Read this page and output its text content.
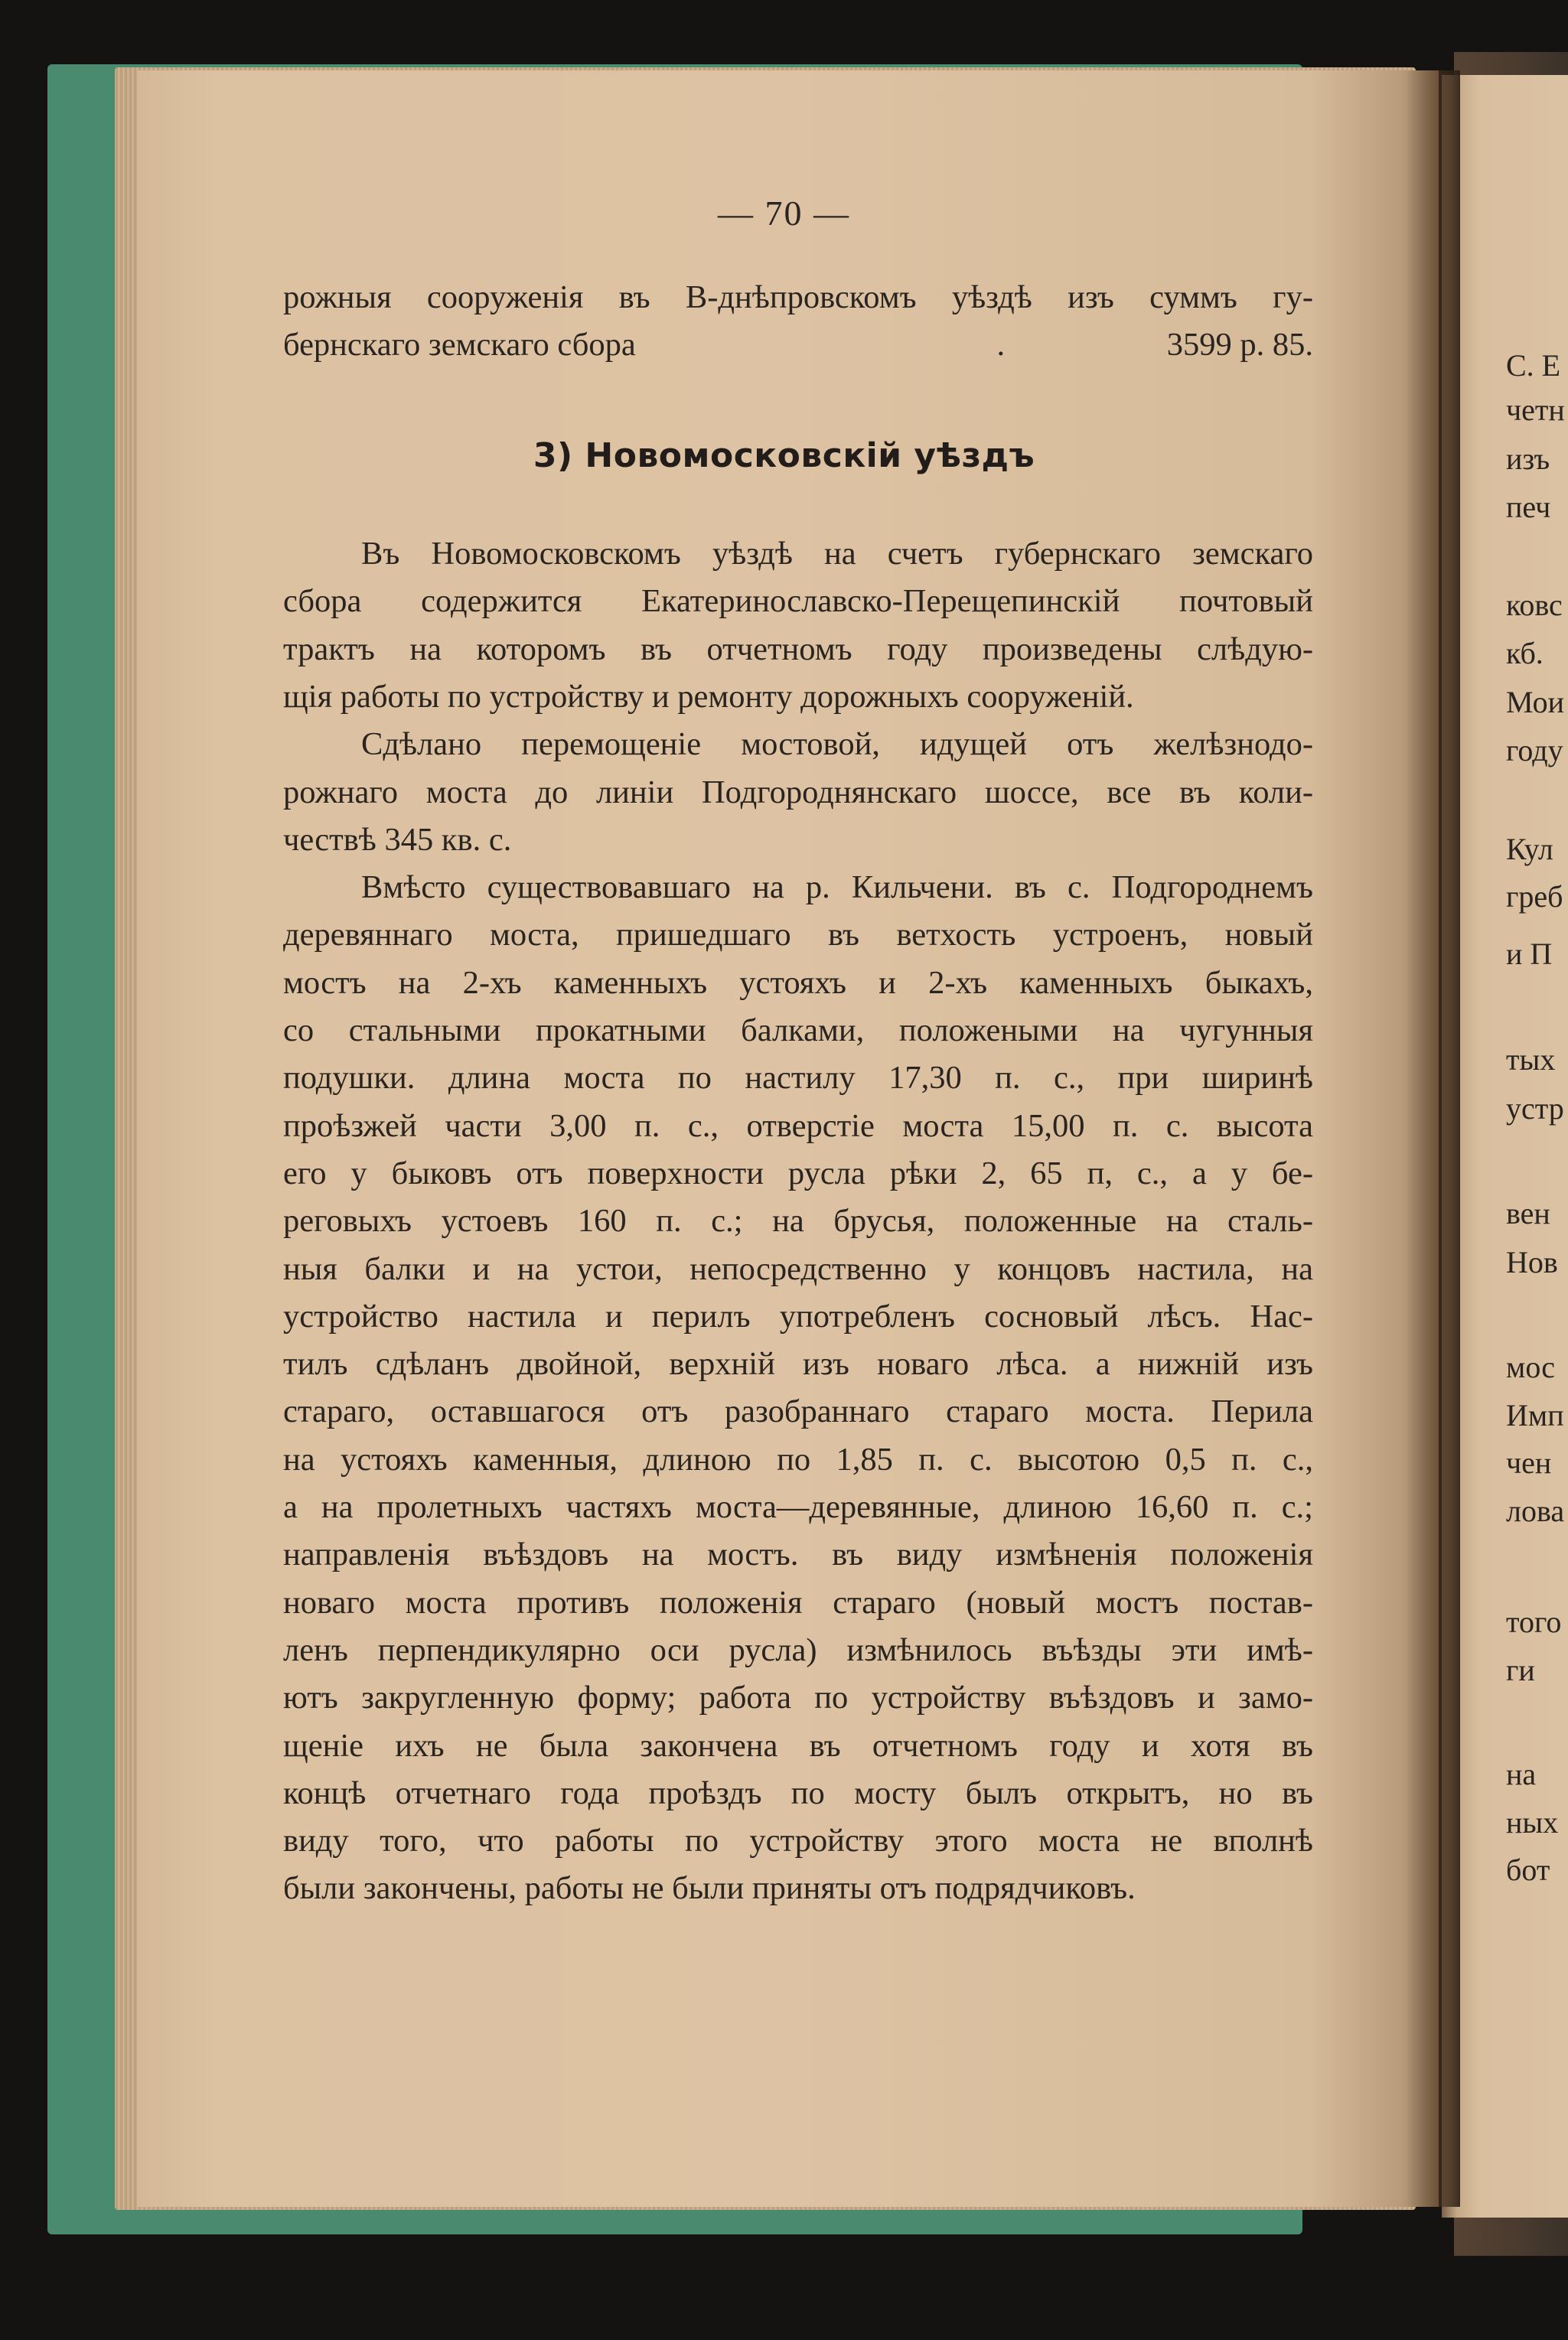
— 70 —
рожныя сооруженія въ В-днѣпровскомъ уѣздѣ изъ суммъ гу-
бернскаго земскаго сбора	.	3599 р. 85.
3) Новомосковскій уѣздъ
Въ Новомосковскомъ уѣздѣ на счетъ губернскаго земскаго
сбора содержится Екатеринославско-Перещепинскій почтовый
трактъ на которомъ въ отчетномъ году произведены слѣдую-
щія работы по устройству и ремонту дорожныхъ сооруженій.
Сдѣлано перемощеніе мостовой, идущей отъ желѣзнодо-
рожнаго моста до линіи Подгороднянскаго шоссе, все въ коли-
чествѣ 345 кв. с.
Вмѣсто существовавшаго на р. Кильчени. въ с. Подгороднемъ
деревяннаго моста, пришедшаго въ ветхость устроенъ, новый
мостъ на 2-хъ каменныхъ устояхъ и 2-хъ каменныхъ быкахъ,
со стальными прокатными балками, положеными на чугунныя
подушки. длина моста по настилу 17,30 п. с., при ширинѣ
проѣзжей части 3,00 п. с., отверстіе моста 15,00 п. с. высота
его у быковъ отъ поверхности русла рѣки 2, 65 п, с., а у бе-
реговыхъ устоевъ 160 п. с.; на брусья, положенные на сталь-
ныя балки и на устои, непосредственно у концовъ настила, на
устройство настила и перилъ употребленъ сосновый лѣсъ. Нас-
тилъ сдѣланъ двойной, верхній изъ новаго лѣса. а нижній изъ
стараго, оставшагося отъ разобраннаго стараго моста. Перила
на устояхъ каменныя, длиною по 1,85 п. с. высотою 0,5 п. с.,
а на пролетныхъ частяхъ моста—деревянные, длиною 16,60 п. с.;
направленія въѣздовъ на мостъ. въ виду измѣненія положенія
новаго моста противъ положенія стараго (новый мостъ постав-
ленъ перпендикулярно оси русла) измѣнилось въѣзды эти имѣ-
ютъ закругленную форму; работа по устройству въѣздовъ и замо-
щеніе ихъ не была закончена въ отчетномъ году и хотя въ
концѣ отчетнаго года проѣздъ по мосту былъ открытъ, но въ
виду того, что работы по устройству этого моста не вполнѣ
были закончены, работы не были приняты отъ подрядчиковъ.
С. Е
четн
изъ
печ
ковс
кб.
Мои
году
Кул
греб
и П
тых
устр
вен
Нов
мос
Имп
чен
лова
того
ги
на
ных
бот
